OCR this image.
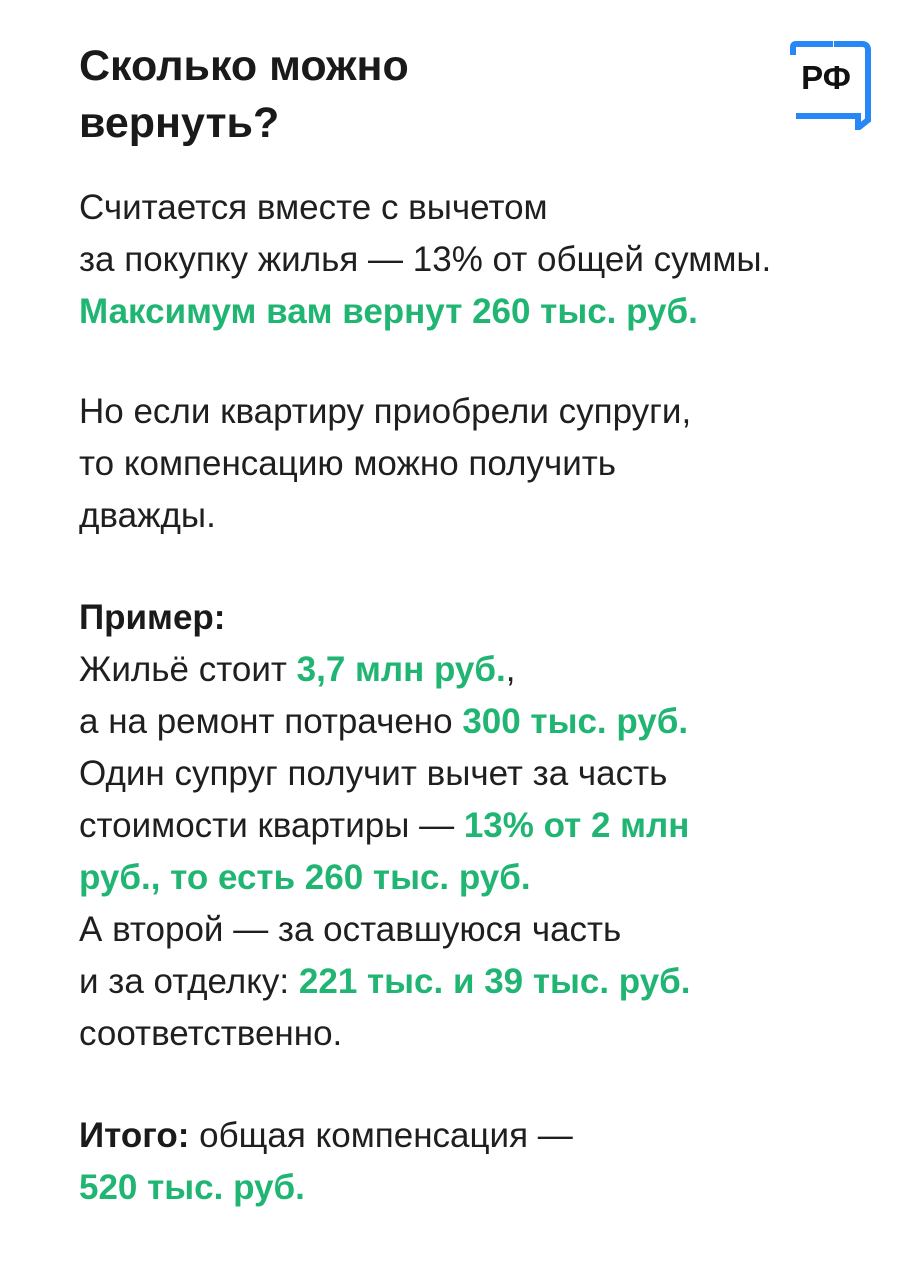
Сколько можно
вернуть?
РФ

Считается вместе с вычетом
за покупку жилья — 13% от общей суммы.
Максимум вам вернут 260 тыс. руб.

Но если квартиру приобрели супруги,
то компенсацию можно получить
дважды.

Пример:
Жильё стоит 3,7 млн руб.,
а на ремонт потрачено 300 тыс. руб.
Один супруг получит вычет за часть
стоимости квартиры — 13% от 2 млн
руб., то есть 260 тыс. руб.
А второй — за оставшуюся часть
и за отделку: 221 тыс. и 39 тыс. руб.
соответственно.

Итого: общая компенсация —
520 тыс. руб.
